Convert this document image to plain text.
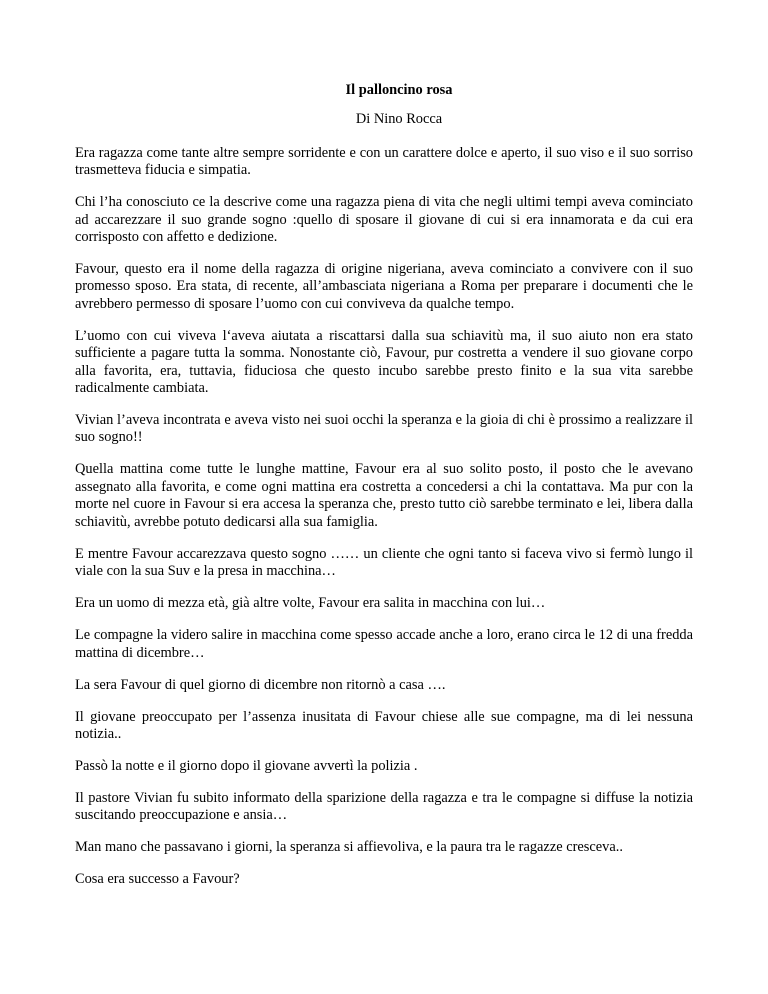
Il palloncino rosa
Di Nino Rocca

Era ragazza come tante altre sempre sorridente e con un carattere dolce e aperto, il suo viso e il suo sorriso trasmetteva fiducia e simpatia.

Chi l’ha conosciuto ce la descrive come una ragazza piena di vita che negli ultimi tempi aveva cominciato ad accarezzare il suo grande sogno :quello di sposare il giovane di cui si era innamorata e da cui era corrisposto con affetto e dedizione.

Favour, questo era il nome della ragazza di origine nigeriana, aveva cominciato a convivere con il suo promesso sposo. Era stata, di recente, all’ambasciata nigeriana a Roma per preparare i documenti che le avrebbero permesso di sposare l’uomo con cui conviveva da qualche tempo.

L’uomo con cui viveva l‘aveva aiutata a riscattarsi dalla sua schiavitù ma, il suo aiuto non era stato sufficiente a pagare tutta la somma. Nonostante ciò, Favour, pur costretta a vendere il suo giovane corpo alla favorita, era, tuttavia, fiduciosa che questo incubo sarebbe presto finito e la sua vita sarebbe radicalmente cambiata.

Vivian l’aveva incontrata e aveva visto nei suoi occhi la speranza e la gioia di chi è prossimo a realizzare il suo sogno!!

Quella mattina come tutte le lunghe mattine, Favour era al suo solito posto, il posto che le avevano assegnato alla favorita, e come ogni mattina era costretta a concedersi a chi la contattava. Ma pur con la morte nel cuore in Favour si era accesa la speranza che, presto tutto ciò sarebbe terminato e lei, libera dalla schiavitù, avrebbe potuto dedicarsi alla sua famiglia.

E mentre Favour accarezzava questo sogno …… un cliente che ogni tanto si faceva vivo si fermò lungo il viale con la sua Suv e la presa in macchina…

Era un uomo di mezza età, già altre volte, Favour era salita in macchina con lui…

Le compagne la videro salire in macchina come spesso accade anche a loro, erano circa le 12 di una fredda mattina di dicembre…

La sera Favour di quel giorno di dicembre non ritornò a casa ….

Il giovane preoccupato per l’assenza inusitata di Favour chiese alle sue compagne, ma di lei nessuna notizia..

Passò la notte e il giorno dopo il giovane avvertì la polizia .

Il pastore Vivian fu subito informato della sparizione della ragazza e tra le compagne si diffuse la notizia suscitando preoccupazione e ansia…

Man mano che passavano i giorni, la speranza si affievoliva, e la paura tra le ragazze cresceva..

Cosa era successo a Favour?
